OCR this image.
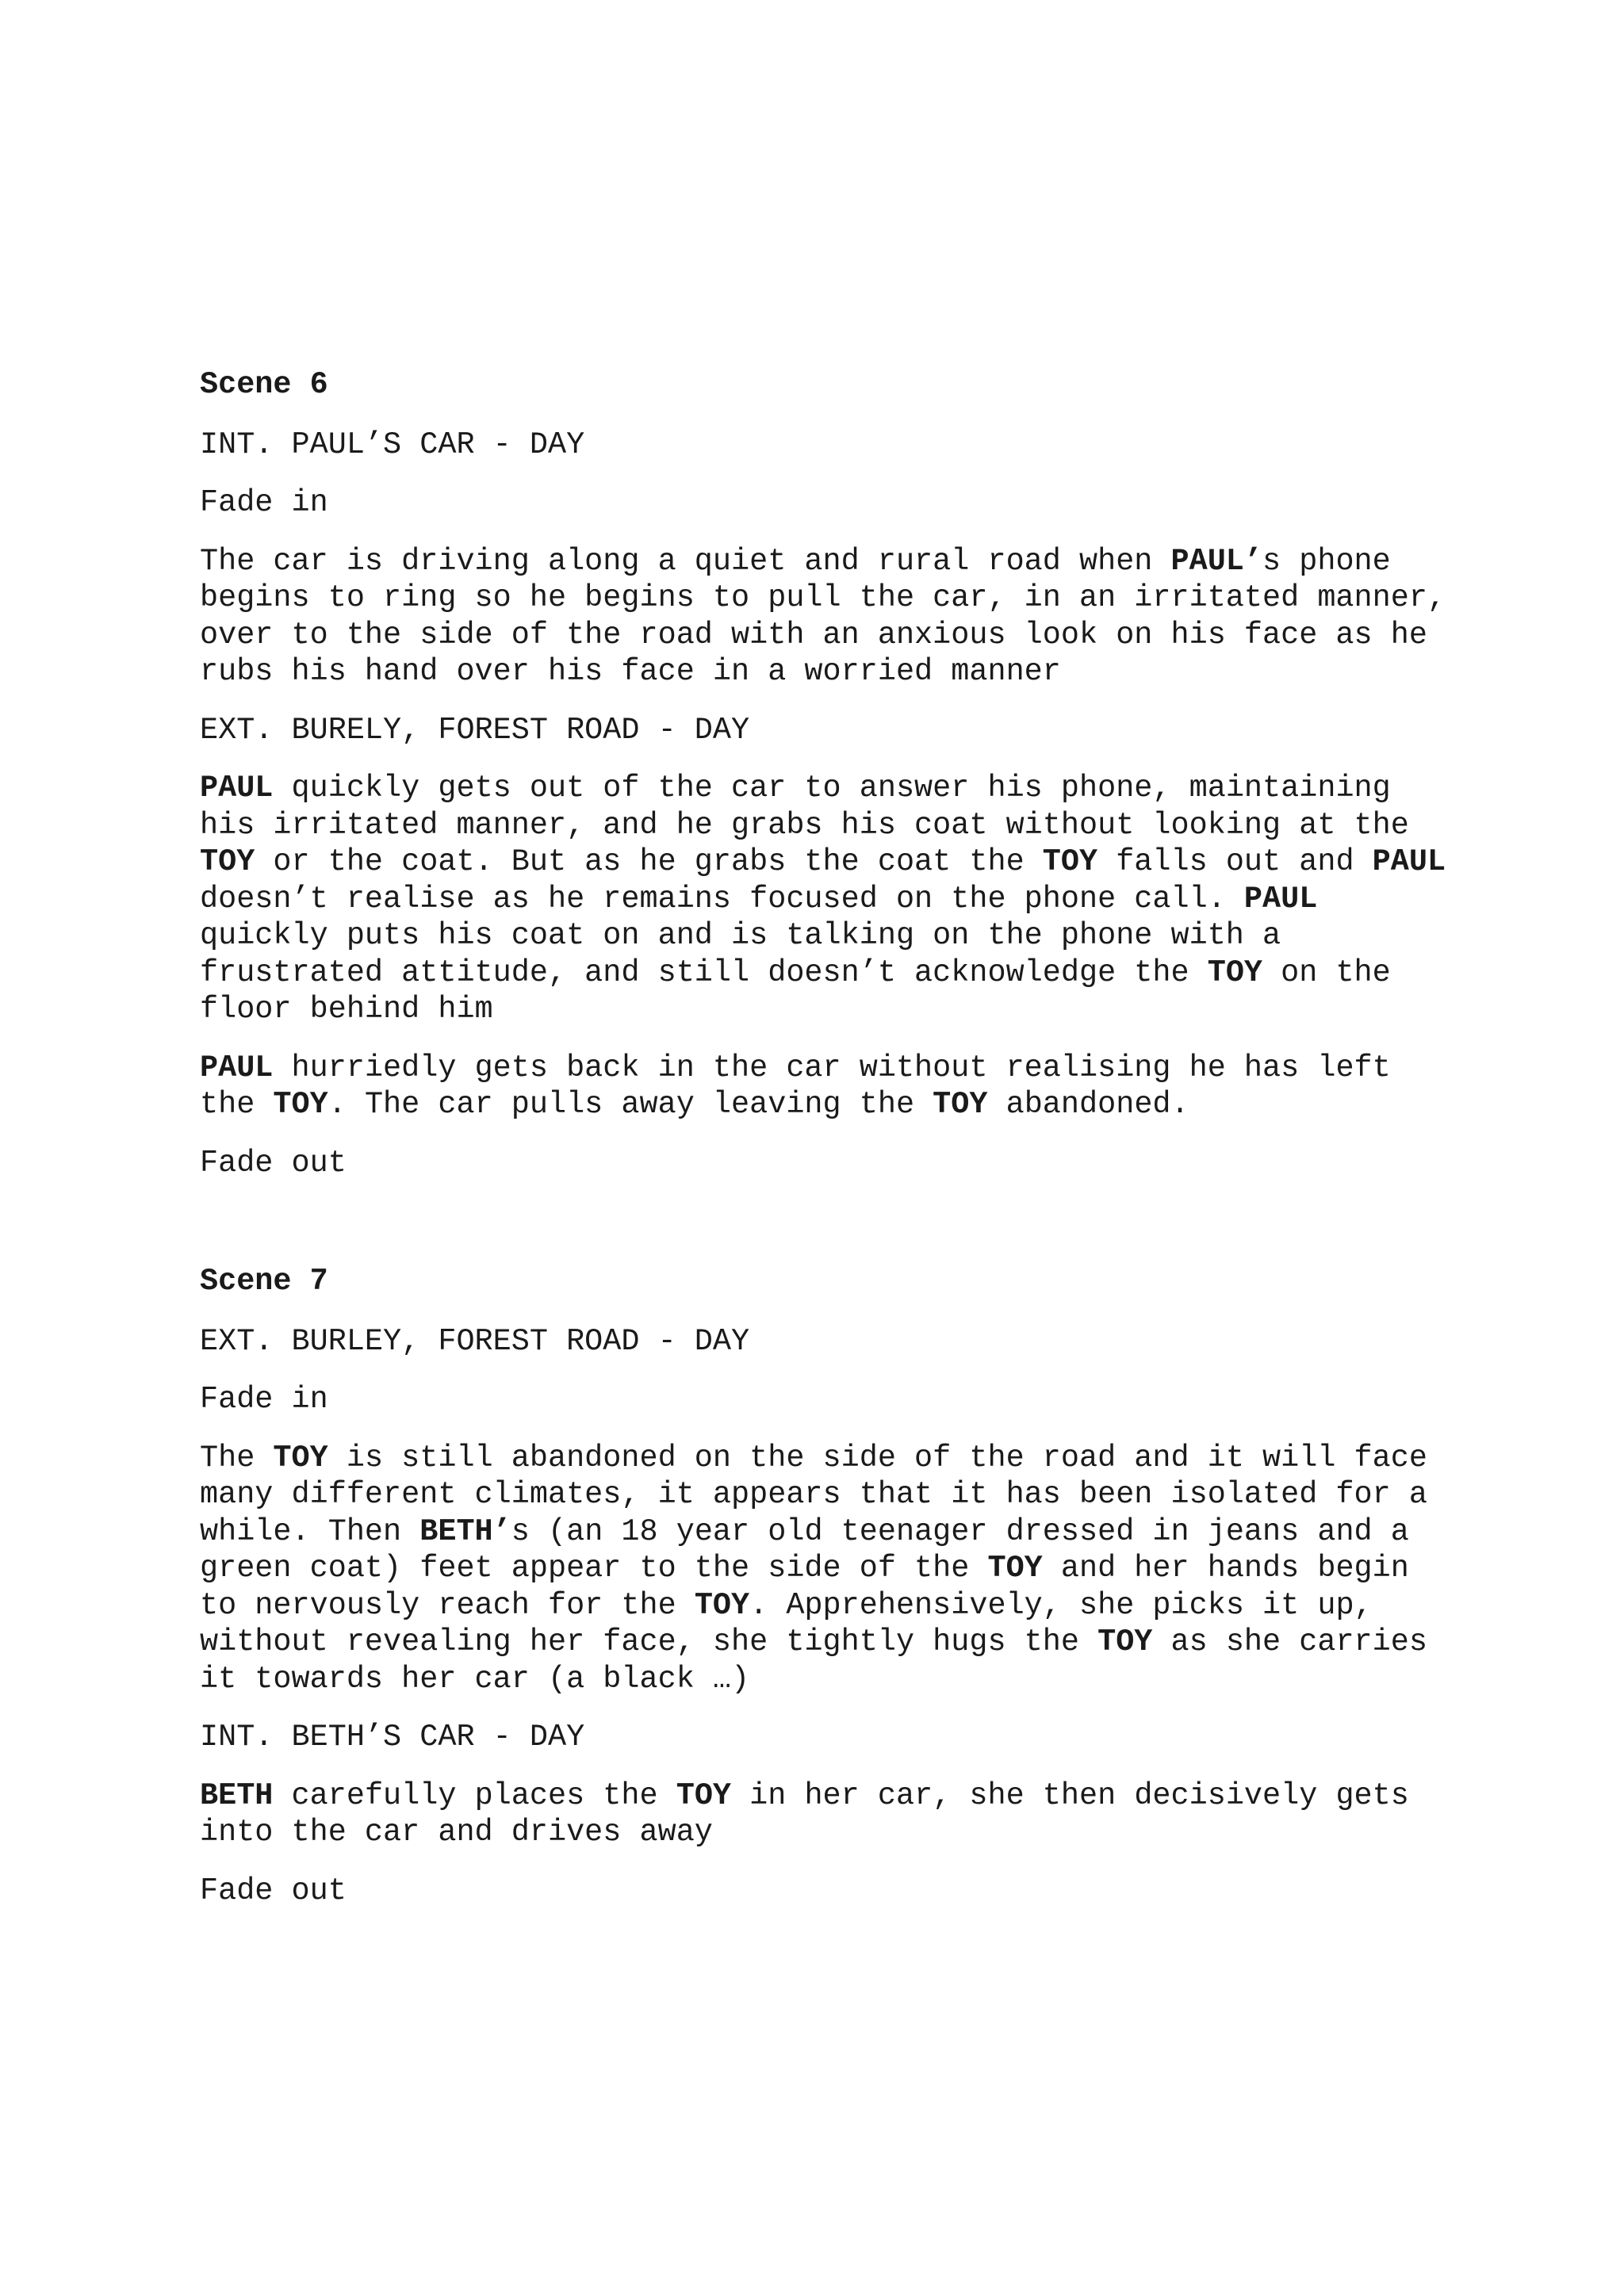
Scene 6
INT. PAUL’S CAR - DAY
Fade in
The car is driving along a quiet and rural road when PAUL’s phone
begins to ring so he begins to pull the car, in an irritated manner,
over to the side of the road with an anxious look on his face as he
rubs his hand over his face in a worried manner
EXT. BURELY, FOREST ROAD - DAY
PAUL quickly gets out of the car to answer his phone, maintaining
his irritated manner, and he grabs his coat without looking at the
TOY or the coat. But as he grabs the coat the TOY falls out and PAUL
doesn’t realise as he remains focused on the phone call. PAUL
quickly puts his coat on and is talking on the phone with a
frustrated attitude, and still doesn’t acknowledge the TOY on the
floor behind him
PAUL hurriedly gets back in the car without realising he has left
the TOY. The car pulls away leaving the TOY abandoned.
Fade out
Scene 7
EXT. BURLEY, FOREST ROAD - DAY
Fade in
The TOY is still abandoned on the side of the road and it will face
many different climates, it appears that it has been isolated for a
while. Then BETH’s (an 18 year old teenager dressed in jeans and a
green coat) feet appear to the side of the TOY and her hands begin
to nervously reach for the TOY. Apprehensively, she picks it up,
without revealing her face, she tightly hugs the TOY as she carries
it towards her car (a black …)
INT. BETH’S CAR - DAY
BETH carefully places the TOY in her car, she then decisively gets
into the car and drives away
Fade out
